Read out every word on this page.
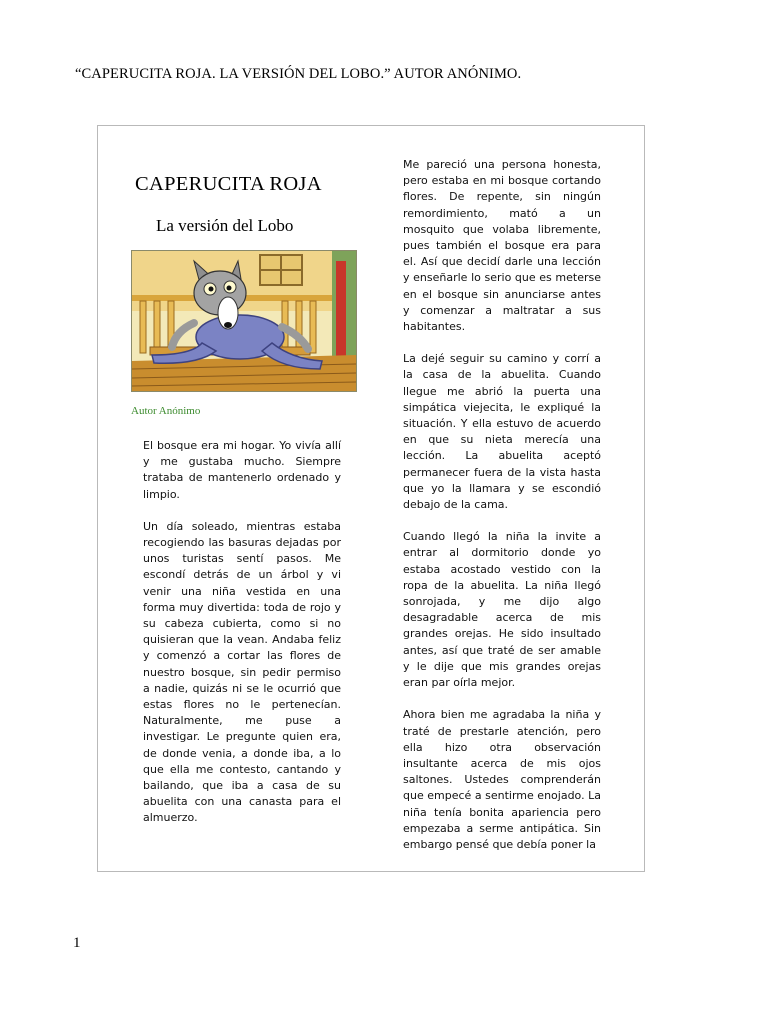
“CAPERUCITA ROJA. LA VERSIÓN DEL LOBO.” AUTOR ANÓNIMO.
CAPERUCITA ROJA
La versión del Lobo
Autor Anónimo

El bosque era mi hogar. Yo vivía allí y me gustaba mucho. Siempre trataba de mantenerlo ordenado y limpio.

Un día soleado, mientras estaba recogiendo las basuras dejadas por unos turistas sentí pasos. Me escondí detrás de un árbol y vi venir una niña vestida en una forma muy divertida: toda de rojo y su cabeza cubierta, como si no quisieran que la vean. Andaba feliz y comenzó a cortar las flores de nuestro bosque, sin pedir permiso a nadie, quizás ni se le ocurrió que estas flores no le pertenecían. Naturalmente, me puse a investigar. Le pregunte quien era, de donde venia, a donde iba, a lo que ella me contesto, cantando y bailando, que iba a casa de su abuelita con una canasta para el almuerzo.

Me pareció una persona honesta, pero estaba en mi bosque cortando flores. De repente, sin ningún remordimiento, mató a un mosquito que volaba libremente, pues también el bosque era para el. Así que decidí darle una lección y enseñarle lo serio que es meterse en el bosque sin anunciarse antes y comenzar a maltratar a sus habitantes.

La dejé seguir su camino y corrí a la casa de la abuelita. Cuando llegue me abrió la puerta una simpática viejecita, le expliqué la situación. Y ella estuvo de acuerdo en que su nieta merecía una lección. La abuelita aceptó permanecer fuera de la vista hasta que yo la llamara y se escondió debajo de la cama.

Cuando llegó la niña la invite a entrar al dormitorio donde yo estaba acostado vestido con la ropa de la abuelita. La niña llegó sonrojada, y me dijo algo desagradable acerca de mis grandes orejas. He sido insultado antes, así que traté de ser amable y le dije que mis grandes orejas eran par oírla mejor.

Ahora bien me agradaba la niña y traté de prestarle atención, pero ella hizo otra observación insultante acerca de mis ojos saltones. Ustedes comprenderán que empecé a sentirme enojado. La niña tenía bonita apariencia pero empezaba a serme antipática. Sin embargo pensé que debía poner la

1
